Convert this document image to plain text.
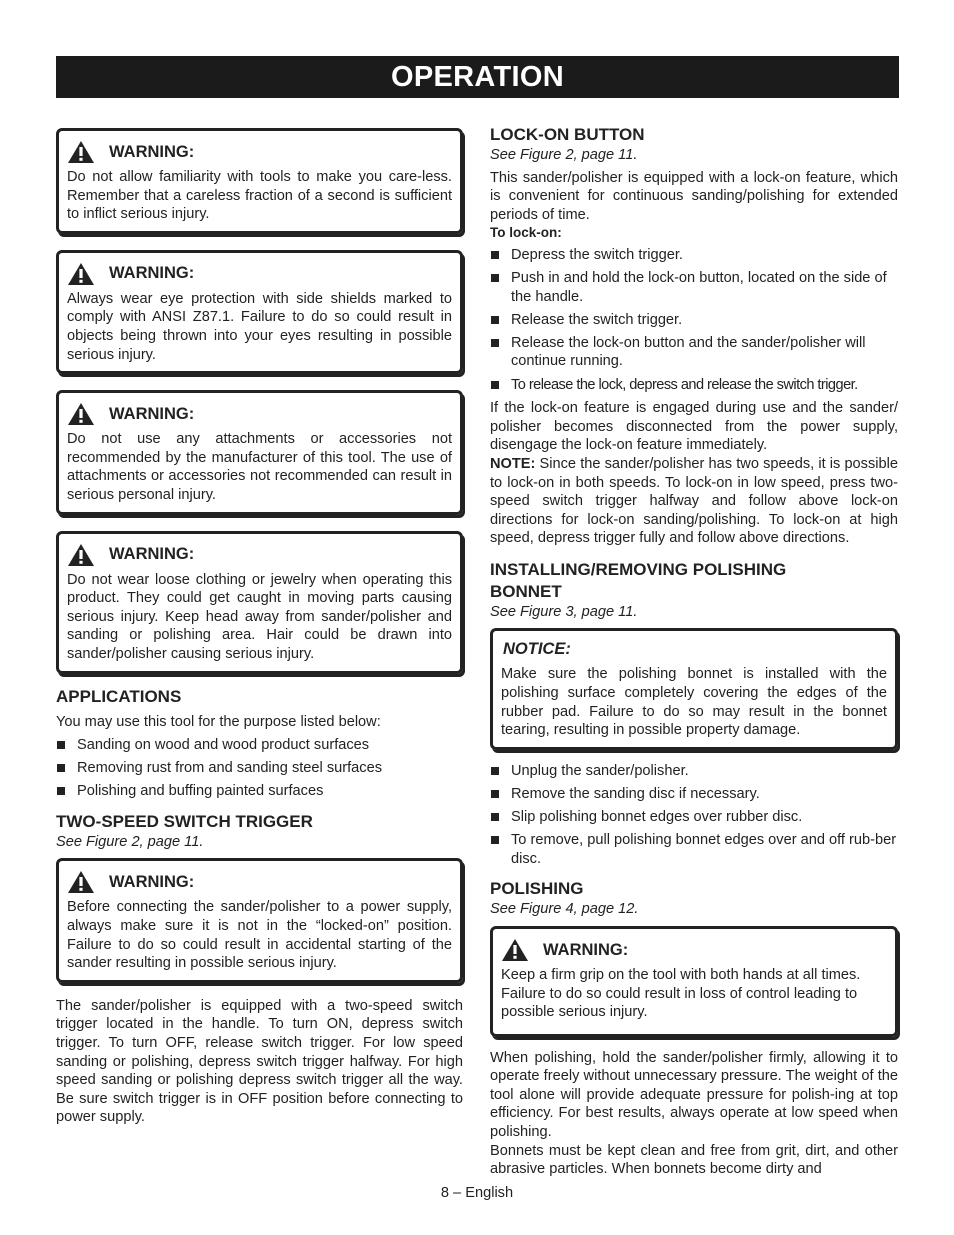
OPERATION
WARNING:

Do not allow familiarity with tools to make you care-less. Remember that a careless fraction of a second is sufficient to inflict serious injury.

WARNING:

Always wear eye protection with side shields marked to comply with ANSI Z87.1. Failure to do so could result in objects being thrown into your eyes resulting in possible serious injury.

WARNING:

Do not use any attachments or accessories not recommended by the manufacturer of this tool. The use of attachments or accessories not recommended can result in serious personal injury.

WARNING:

Do not wear loose clothing or jewelry when operating this product. They could get caught in moving parts causing serious injury. Keep head away from sander/polisher and sanding or polishing area. Hair could be drawn into sander/polisher causing serious injury.

APPLICATIONS

You may use this tool for the purpose listed below:

Sanding on wood and wood product surfaces
Removing rust from and sanding steel surfaces
Polishing and buffing painted surfaces
TWO-SPEED SWITCH TRIGGER

See Figure 2, page 11.

WARNING:

Before connecting the sander/polisher to a power supply, always make sure it is not in the “locked-on” position. Failure to do so could result in accidental starting of the sander resulting in possible serious injury.

The sander/polisher is equipped with a two-speed switch trigger located in the handle. To turn ON, depress switch trigger. To turn OFF, release switch trigger. For low speed sanding or polishing, depress switch trigger halfway. For high speed sanding or polishing depress switch trigger all the way. Be sure switch trigger is in OFF position before connecting to power supply.

LOCK-ON BUTTON

See Figure 2, page 11.

This sander/polisher is equipped with a lock-on feature, which is convenient for continuous sanding/polishing for extended periods of time.

To lock-on:

Depress the switch trigger.
Push in and hold the lock-on button, located on the side of the handle.
Release the switch trigger.
Release the lock-on button and the sander/polisher will continue running.
To release the lock, depress and release the switch trigger.

If the lock-on feature is engaged during use and the sander/ polisher becomes disconnected from the power supply, disengage the lock-on feature immediately.

NOTE: Since the sander/polisher has two speeds, it is possible to lock-on in both speeds. To lock-on in low speed, press two-speed switch trigger halfway and follow above lock-on directions for lock-on sanding/polishing. To lock-on at high speed, depress trigger fully and follow above directions.

INSTALLING/REMOVING POLISHING BONNET

See Figure 3, page 11.

NOTICE:

Make sure the polishing bonnet is installed with the polishing surface completely covering the edges of the rubber pad. Failure to do so may result in the bonnet tearing, resulting in possible property damage.

Unplug the sander/polisher.
Remove the sanding disc if necessary.
Slip polishing bonnet edges over rubber disc.
To remove, pull polishing bonnet edges over and off rub-ber disc.
POLISHING

See Figure 4, page 12.

WARNING:

Keep a firm grip on the tool with both hands at all times. Failure to do so could result in loss of control leading to possible serious injury.

When polishing, hold the sander/polisher firmly, allowing it to operate freely without unnecessary pressure. The weight of the tool alone will provide adequate pressure for polish-ing at top efficiency. For best results, always operate at low speed when polishing.

Bonnets must be kept clean and free from grit, dirt, and other abrasive particles. When bonnets become dirty and

8 – English
